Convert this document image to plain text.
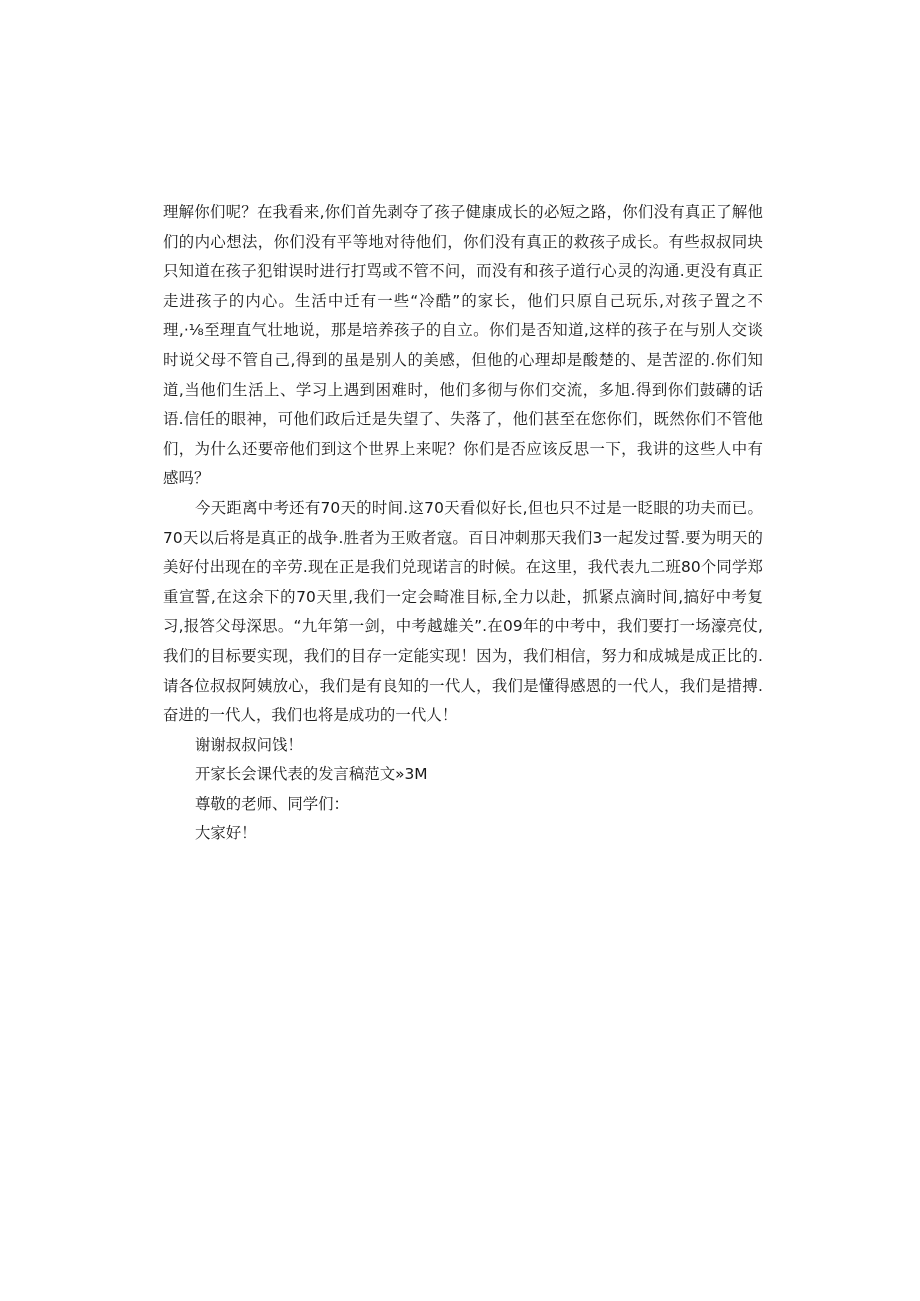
理解你们呢？在我看来,你们首先剥夺了孩子健康成长的必短之路，你们没有真正了解他们的内心想法，你们没有平等地对待他们，你们没有真正的救孩子成长。有些叔叔同块只知道在孩子犯钳误时进行打骂或不管不问，而没有和孩子道行心灵的沟通.更没有真正走进孩子的内心。生活中迁有一些“冷酷”的家长，他们只原自己玩乐,对孩子置之不理,·⅛至理直气壮地说，那是培养孩子的自立。你们是否知道,这样的孩子在与别人交谈时说父母不管自己,得到的虽是别人的美感，但他的心理却是酸楚的、是苦涩的.你们知道,当他们生活上、学习上遇到困难时，他们多彻与你们交流，多旭.得到你们鼓礴的话语.信任的眼神，可他们政后迁是失望了、失落了，他们甚至在您你们，既然你们不管他们，为什么还要帝他们到这个世界上来呢？你们是否应该反思一下，我讲的这些人中有感吗？

今天距离中考还有70天的时间.这70天看似好长,但也只不过是一眨眼的功夫而已。70天以后将是真正的战争.胜者为王败者寇。百日冲刺那天我们3一起发过誓.要为明天的美好付出现在的辛劳.现在正是我们兑现诺言的时候。在这里，我代表九二班80个同学郑重宣誓,在这余下的70天里,我们一定会畸准目标,全力以赴，抓紧点滴时间,搞好中考复习,报答父母深思。“九年第一剑，中考越雄关”.在09年的中考中，我们要打一场濠亮仗,我们的目标要实现，我们的目存一定能实现！因为，我们相信，努力和成城是成正比的.请各位叔叔阿姨放心，我们是有良知的一代人，我们是懂得感恩的一代人，我们是措搏.奋进的一代人，我们也将是成功的一代人！

谢谢叔叔问饯！

开家长会课代表的发言稿范文»3M

尊敬的老师、同学们：

大家好！
